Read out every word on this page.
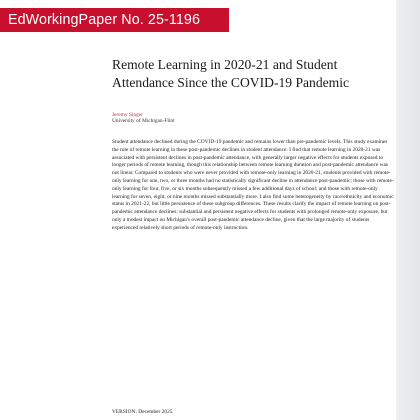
EdWorkingPaper No. 25-1196
Remote Learning in 2020-21 and Student Attendance Since the COVID-19 Pandemic
Jeremy Singer
University of Michigan-Flint

Student attendance declined during the COVID-19 pandemic and remains lower than pre-pandemic levels. This study examines the role of remote learning in these post-pandemic declines in student attendance. I find that remote learning in 2020-21 was associated with persistent declines in post-pandemic attendance, with generally larger negative effects for students exposed to longer periods of remote learning, though this relationship between remote learning duration and post-pandemic attendance was not linear. Compared to students who were never provided with remote-only learning in 2020-21, students provided with remote-only learning for one, two, or three months had no statistically significant decline in attendance post-pandemic; those with remote-only learning for four, five, or six months subsequently missed a few additional days of school; and those with remote-only learning for seven, eight, or nine months missed substantially more. I also find some heterogeneity by race/ethnicity and economic status in 2021-22, but little persistence of these subgroup differences. These results clarify the impact of remote learning on post-pandemic attendance declines: substantial and persistent negative effects for students with prolonged remote-only exposure, but only a modest impact on Michigan's overall post-pandemic attendance decline, given that the large majority of students experienced relatively short periods of remote-only instruction.

VERSION: December 2025
